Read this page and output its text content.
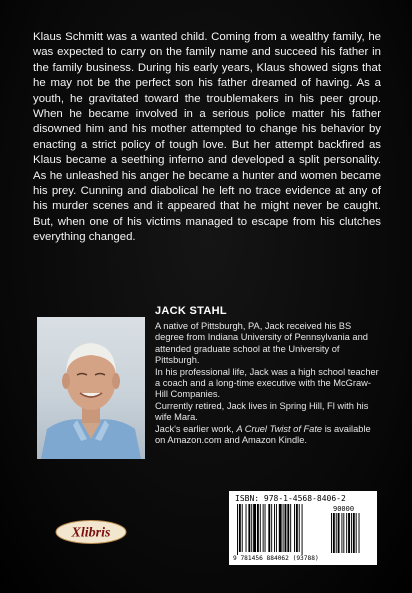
Klaus Schmitt was a wanted child. Coming from a wealthy family, he was expected to carry on the family name and succeed his father in the family business. During his early years, Klaus showed signs that he may not be the perfect son his father dreamed of having. As a youth, he gravitated toward the troublemakers in his peer group. When he became involved in a serious police matter his father disowned him and his mother attempted to change his behavior by enacting a strict policy of tough love. But her attempt backfired as Klaus became a seething inferno and developed a split personality. As he unleashed his anger he became a hunter and women became his prey. Cunning and diabolical he left no trace evidence at any of his murder scenes and it appeared that he might never be caught. But, when one of his victims managed to escape from his clutches everything changed.

JACK STAHL

A native of Pittsburgh, PA, Jack received his BS degree from Indiana University of Pennsylvania and attended graduate school at the University of Pittsburgh.

In his professional life, Jack was a high school teacher a coach and a long-time executive with the McGraw-Hill Companies.

Currently retired, Jack lives in Spring Hill, Fl with his wife Mara.

Jack's earlier work, A Cruel Twist of Fate is available on Amazon.com and Amazon Kindle.

Xlibris

ISBN: 978-1-4568-8406-2

90000
9 781456 884062 (93788)
